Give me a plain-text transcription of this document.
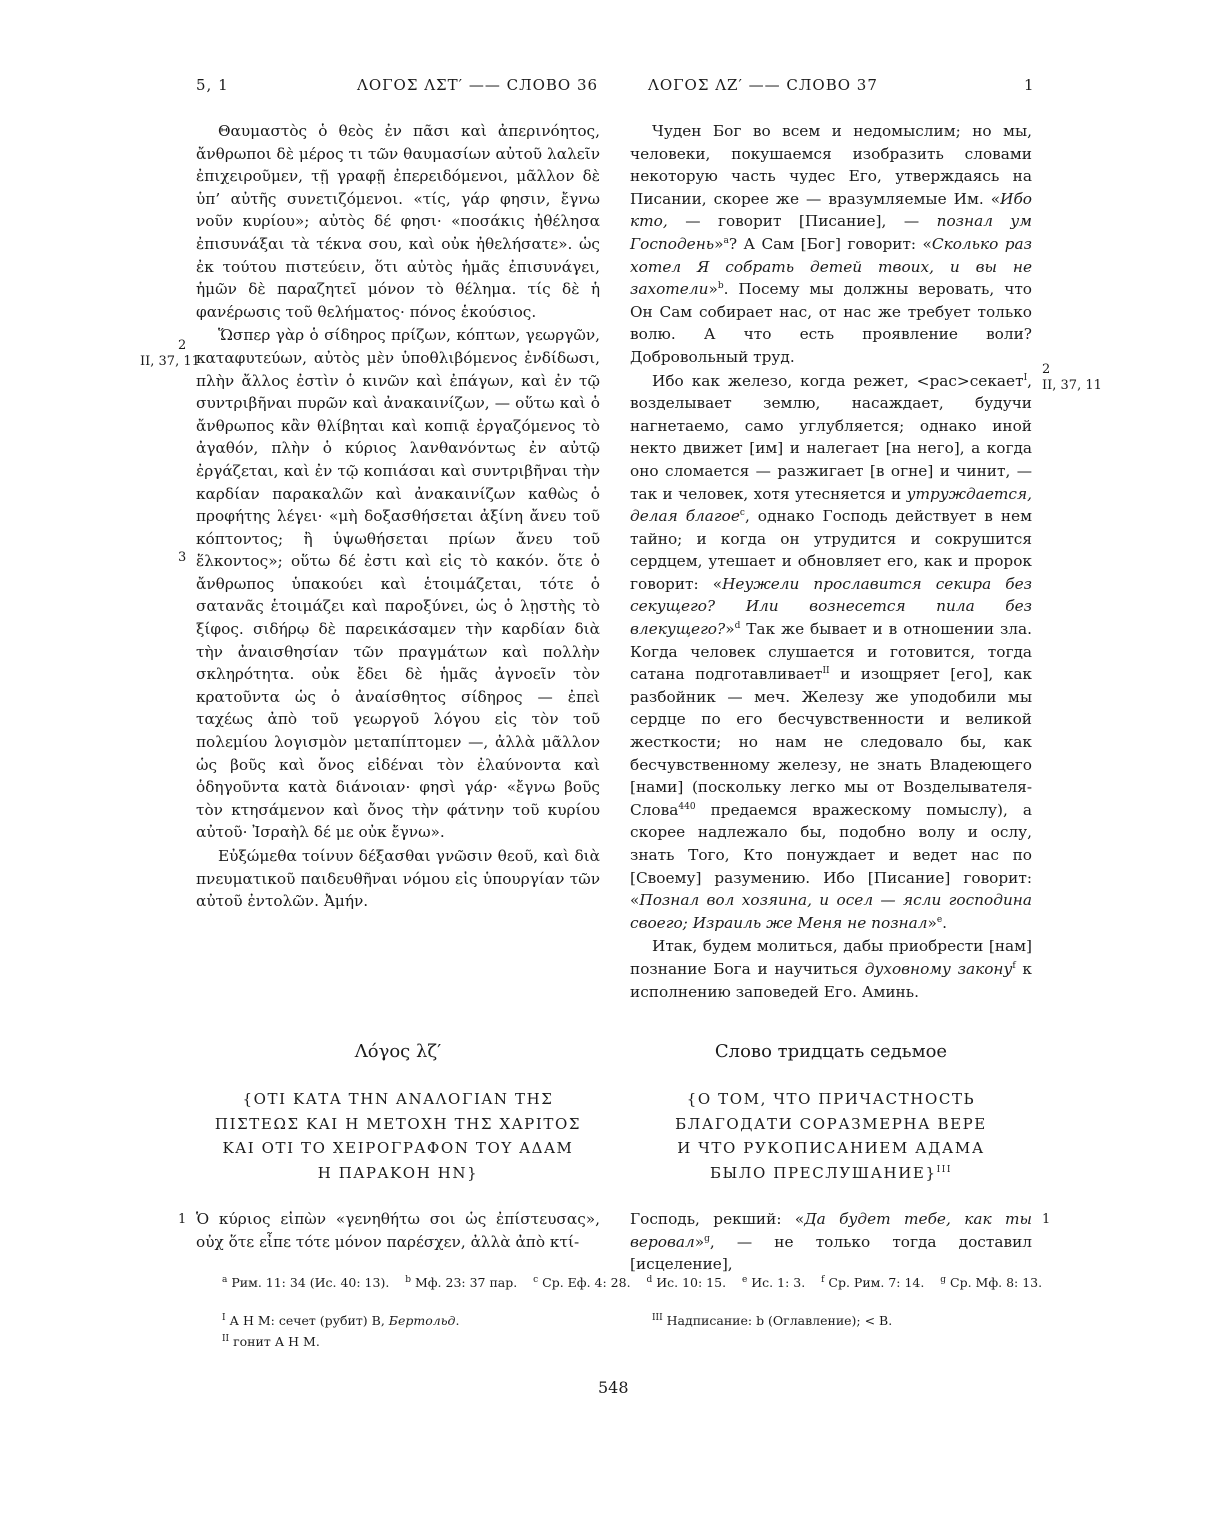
5, 1	ΛΟΓΟΣ ΛΣΤ′ —— СЛОВО 36	ΛΟΓΟΣ ΛΖ′ —— СЛОВО 37	1

Θαυμαστὸς ὁ θεὸς ἐν πᾶσι καὶ ἀπερινόητος, ἄνθρωποι δὲ μέρος τι τῶν θαυμασίων αὐτοῦ λαλεῖν ἐπιχειροῦμεν, τῇ γραφῇ ἐπερειδόμενοι, μᾶλλον δὲ ὑπ’ αὐτῆς συνετιζόμενοι. «τίς, γάρ φησιν, ἔγνω νοῦν κυρίου»; αὐτὸς δέ φησι· «ποσάκις ἠθέλησα ἐπισυνάξαι τὰ τέκνα σου, καὶ οὐκ ἠθελήσατε». ὡς ἐκ τούτου πιστεύειν, ὅτι αὐτὸς ἡμᾶς ἐπισυνάγει, ἡμῶν δὲ παραζητεῖ μόνον τὸ θέλημα. τίς δὲ ἡ φανέρωσις τοῦ θελήματος· πόνος ἑκούσιος.

Ὥσπερ γὰρ ὁ σίδηρος πρίζων, κόπτων, γεωργῶν, καταφυτεύων, αὐτὸς μὲν ὑποθλιβόμενος ἐνδίδωσι, πλὴν ἄλλος ἐστὶν ὁ κινῶν καὶ ἐπάγων, καὶ ἐν τῷ συντριβῆναι πυρῶν καὶ ἀνακαινίζων, — οὕτω καὶ ὁ ἄνθρωπος κἂν θλίβηται καὶ κοπιᾷ ἐργαζόμενος τὸ ἀγαθόν, πλὴν ὁ κύριος λανθανόντως ἐν αὐτῷ ἐργάζεται, καὶ ἐν τῷ κοπιάσαι καὶ συντριβῆναι τὴν καρδίαν παρακαλῶν καὶ ἀνακαινίζων καθὼς ὁ προφήτης λέγει· «μὴ δοξασθήσεται ἀξίνη ἄνευ τοῦ κόπτοντος; ἢ ὑψωθήσεται πρίων ἄνευ τοῦ ἕλκοντος»; οὕτω δέ ἐστι καὶ εἰς τὸ κακόν. ὅτε ὁ ἄνθρωπος ὑπακούει καὶ ἑτοιμάζεται, τότε ὁ σατανᾶς ἑτοιμάζει καὶ παροξύνει, ὡς ὁ λῃστὴς τὸ ξίφος. σιδήρῳ δὲ παρεικάσαμεν τὴν καρδίαν διὰ τὴν ἀναισθησίαν τῶν πραγμάτων καὶ πολλὴν σκληρότητα. οὐκ ἔδει δὲ ἡμᾶς ἀγνοεῖν τὸν κρατοῦντα ὡς ὁ ἀναίσθητος σίδηρος — ἐπεὶ ταχέως ἀπὸ τοῦ γεωργοῦ λόγου εἰς τὸν τοῦ πολεμίου λογισμὸν μεταπίπτομεν —, ἀλλὰ μᾶλλον ὡς βοῦς καὶ ὄνος εἰδέναι τὸν ἐλαύνοντα καὶ ὁδηγοῦντα κατὰ διάνοιαν· φησὶ γάρ· «ἔγνω βοῦς τὸν κτησάμενον καὶ ὄνος τὴν φάτνην τοῦ κυρίου αὐτοῦ· Ἰσραὴλ δέ με οὐκ ἔγνω».

Εὐξώμεθα τοίνυν δέξασθαι γνῶσιν θεοῦ, καὶ διὰ πνευματικοῦ παιδευθῆναι νόμου εἰς ὑπουργίαν τῶν αὐτοῦ ἐντολῶν. Ἀμήν.

2
II, 37, 11
3

Чуден Бог во всем и недомыслим; но мы, человеки, покушаемся изобразить словами некоторую часть чудес Его, утверждаясь на Писании, скорее же — вразумляемые Им. «Ибо кто, — говорит [Писание], — познал ум Господень»$^a$? А Сам [Бог] говорит: «Сколько раз хотел Я собрать детей твоих, и вы не захотели»$^b$. Посему мы должны веровать, что Он Сам собирает нас, от нас же требует только волю. А что есть проявление воли? Добровольный труд.

Ибо как железо, когда режет, <рас>секает$^I$, возделывает землю, насаждает, будучи нагнетаемо, само углубляется; однако иной некто движет [им] и налегает [на него], а когда оно сломается — разжигает [в огне] и чинит, — так и человек, хотя утесняется и утруждается, делая благое$^c$, однако Господь действует в нем тайно; и когда он утрудится и сокрушится сердцем, утешает и обновляет его, как и пророк говорит: «Неужели прославится секира без секущего? Или вознесется пила без влекущего?»$^d$ Так же бывает и в отношении зла. Когда человек слушается и готовится, тогда сатана подготавливает$^{II}$ и изощряет [его], как разбойник — меч. Железу же уподобили мы сердце по его бесчувственности и великой жесткости; но нам не следовало бы, как бесчувственному железу, не знать Владеющего [нами] (поскольку легко мы от Возделывателя-Слова$^{440}$ предаемся вражескому помыслу), а скорее надлежало бы, подобно волу и ослу, знать Того, Кто понуждает и ведет нас по [Своему] разумению. Ибо [Писание] говорит: «Познал вол хозяина, и осел — ясли господина своего; Израиль же Меня не познал»$^e$.

Итак, будем молиться, дабы приобрести [нам] познание Бога и научиться духовному закону$^f$ к исполнению заповедей Его. Аминь.

2
II, 37, 11
Λόγος λζ′	Слово тридцать седьмое
{ΟΤΙ ΚΑΤΑ ΤΗΝ ΑΝΑΛΟΓΙΑΝ ΤΗΣ
ΠΙΣΤΕΩΣ ΚΑΙ Η ΜΕΤΟΧΗ ΤΗΣ ΧΑΡΙΤΟΣ
ΚΑΙ ΟΤΙ ΤΟ ΧΕΙΡΟΓΡΑΦΟΝ ΤΟΥ ΑΔΑΜ
Η ΠΑΡΑΚΟΗ ΗΝ}
{О ТОМ, ЧТО ПРИЧАСТНОСТЬ
БЛАГОДАТИ СОРАЗМЕРНА ВЕРЕ
И ЧТО РУКОПИСАНИЕМ АДАМА
БЫЛО ПРЕСЛУШАНИЕ}$^{III}$
1 Ὁ κύριος εἰπὼν «γενηθήτω σοι ὡς ἐπίστευσας», οὐχ ὅτε εἶπε τότε μόνον παρέσχεν, ἀλλὰ ἀπὸ κτί-

Господь, рекший: «Да будет тебе, как ты веровал»$^g$, — не только тогда доставил [исцеление],

1
$^a$ Рим. 11: 34 (Ис. 40: 13). $^b$ Мф. 23: 37 пар. $^c$ Ср. Еф. 4: 28. $^d$ Ис. 10: 15. $^e$ Ис. 1: 3. $^f$ Ср. Рим. 7: 14. $^g$ Ср. Мф. 8: 13.
$^I$ А Н М: сечет (рубит) В, Бертольд.
$^{II}$ гонит А Н М.
$^{III}$ Надписание: b (Оглавление); < В.
548
